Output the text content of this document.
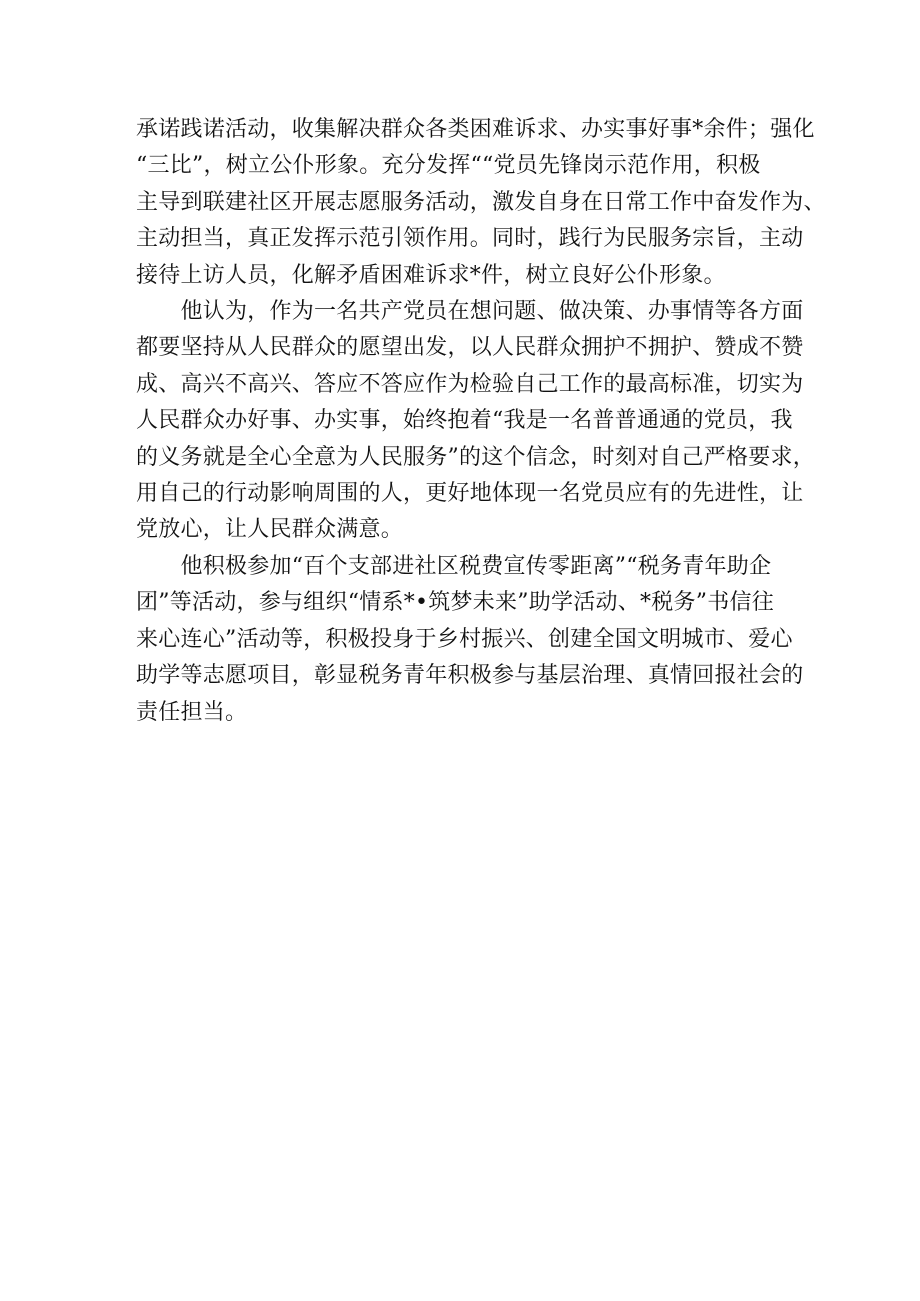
承诺践诺活动，收集解决群众各类困难诉求、办实事好事*余件；强化
“三比”，树立公仆形象。充分发挥““党员先锋岗示范作用，积极
主导到联建社区开展志愿服务活动，激发自身在日常工作中奋发作为、
主动担当，真正发挥示范引领作用。同时，践行为民服务宗旨，主动
接待上访人员，化解矛盾困难诉求*件，树立良好公仆形象。
　　他认为，作为一名共产党员在想问题、做决策、办事情等各方面
都要坚持从人民群众的愿望出发，以人民群众拥护不拥护、赞成不赞
成、高兴不高兴、答应不答应作为检验自己工作的最高标准，切实为
人民群众办好事、办实事，始终抱着“我是一名普普通通的党员，我
的义务就是全心全意为人民服务”的这个信念，时刻对自己严格要求，
用自己的行动影响周围的人，更好地体现一名党员应有的先进性，让
党放心，让人民群众满意。
　　他积极参加“百个支部进社区税费宣传零距离”“税务青年助企
团”等活动，参与组织“情系*•筑梦未来”助学活动、*税务”书信往
来心连心”活动等，积极投身于乡村振兴、创建全国文明城市、爱心
助学等志愿项目，彰显税务青年积极参与基层治理、真情回报社会的
责任担当。
